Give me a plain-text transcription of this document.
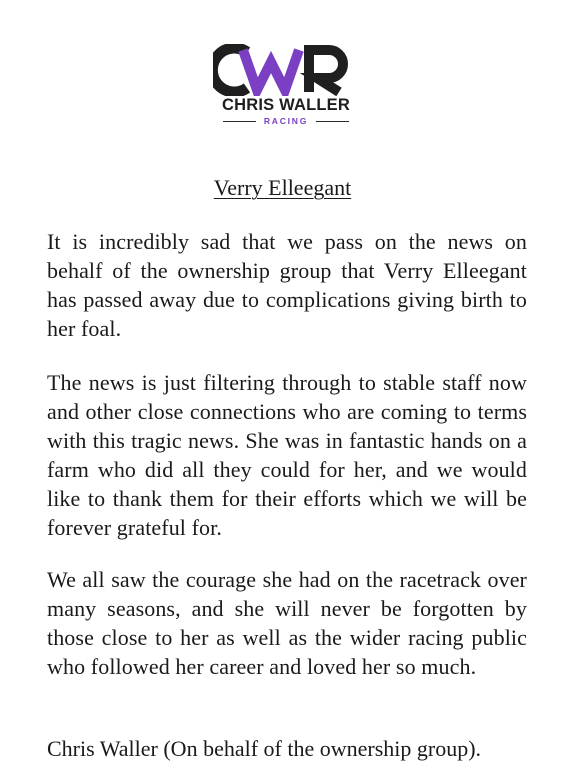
CHRIS WALLER
RACING
Verry Elleegant

It is incredibly sad that we pass on the news on behalf of the ownership group that Verry Elleegant has passed away due to complications giving birth to her foal.

The news is just filtering through to stable staff now and other close connections who are coming to terms with this tragic news. She was in fantastic hands on a farm who did all they could for her, and we would like to thank them for their efforts which we will be forever grateful for.

We all saw the courage she had on the racetrack over many seasons, and she will never be forgotten by those close to her as well as the wider racing public who followed her career and loved her so much.

Chris Waller (On behalf of the ownership group).
